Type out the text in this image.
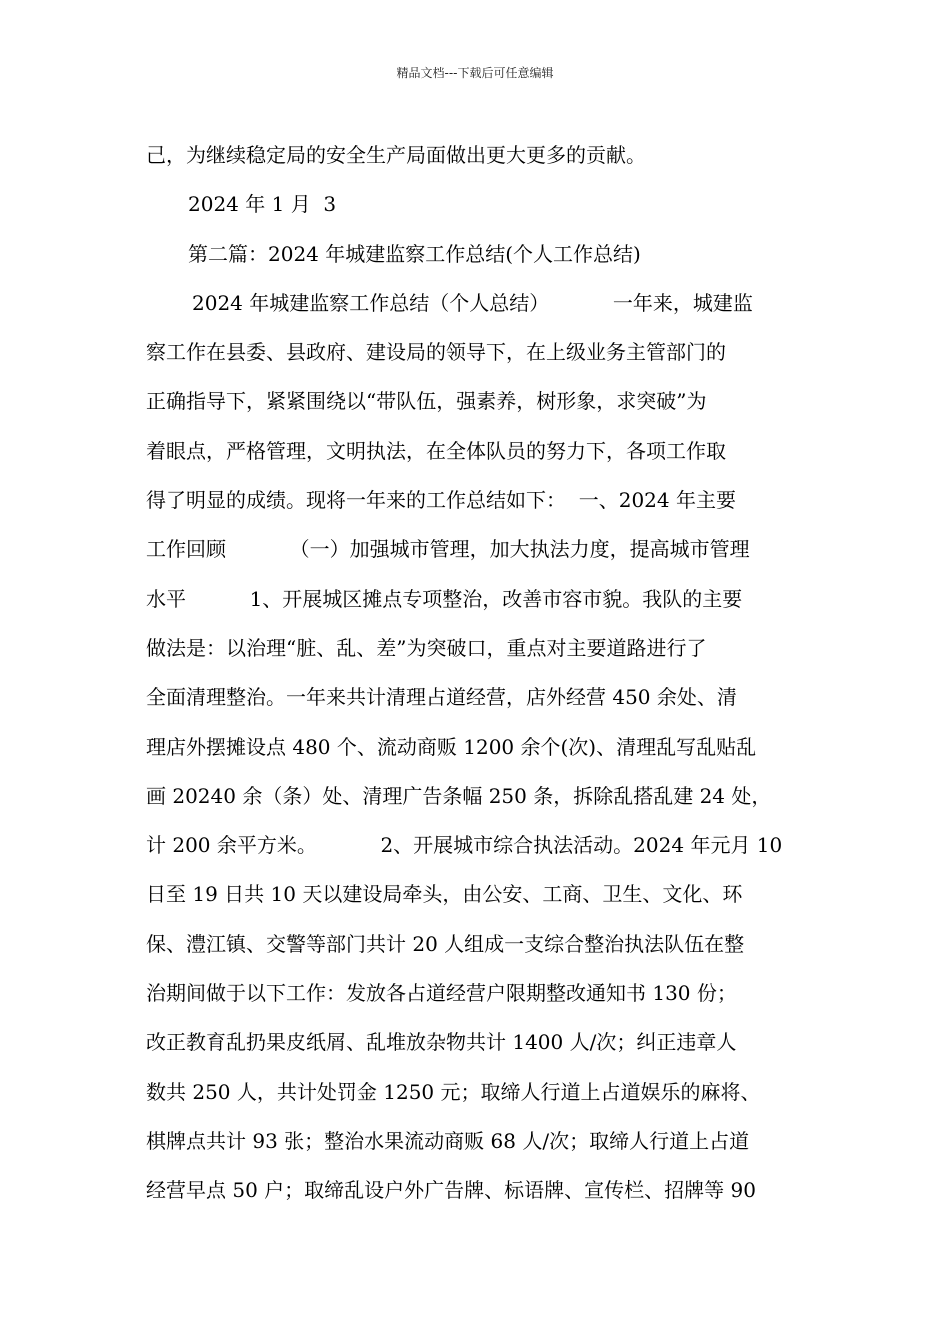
精品文档---下载后可任意编辑
己，为继续稳定局的安全生产局面做出更大更多的贡献。
2024 年 1 月  3
第二篇：2024 年城建监察工作总结(个人工作总结)
2024 年城建监察工作总结（个人总结）          一年来，城建监
察工作在县委、县政府、建设局的领导下，在上级业务主管部门的
正确指导下，紧紧围绕以“带队伍，强素养，树形象，求突破”为
着眼点，严格管理，文明执法，在全体队员的努力下，各项工作取
得了明显的成绩。现将一年来的工作总结如下：  一、2024 年主要
工作回顾          （一）加强城市管理，加大执法力度，提高城市管理
水平          1、开展城区摊点专项整治，改善市容市貌。我队的主要
做法是：以治理“脏、乱、差”为突破口，重点对主要道路进行了
全面清理整治。一年来共计清理占道经营，店外经营 450 余处、清
理店外摆摊设点 480 个、流动商贩 1200 余个(次)、清理乱写乱贴乱
画 20240 余（条）处、清理广告条幅 250 条，拆除乱搭乱建 24 处，
计 200 余平方米。          2、开展城市综合执法活动。2024 年元月 10
日至 19 日共 10 天以建设局牵头，由公安、工商、卫生、文化、环
保、澧江镇、交警等部门共计 20 人组成一支综合整治执法队伍在整
治期间做于以下工作：发放各占道经营户限期整改通知书 130 份；
改正教育乱扔果皮纸屑、乱堆放杂物共计 1400 人/次；纠正违章人
数共 250 人，共计处罚金 1250 元；取缔人行道上占道娱乐的麻将、
棋牌点共计 93 张；整治水果流动商贩 68 人/次；取缔人行道上占道
经营早点 50 户；取缔乱设户外广告牌、标语牌、宣传栏、招牌等 90
